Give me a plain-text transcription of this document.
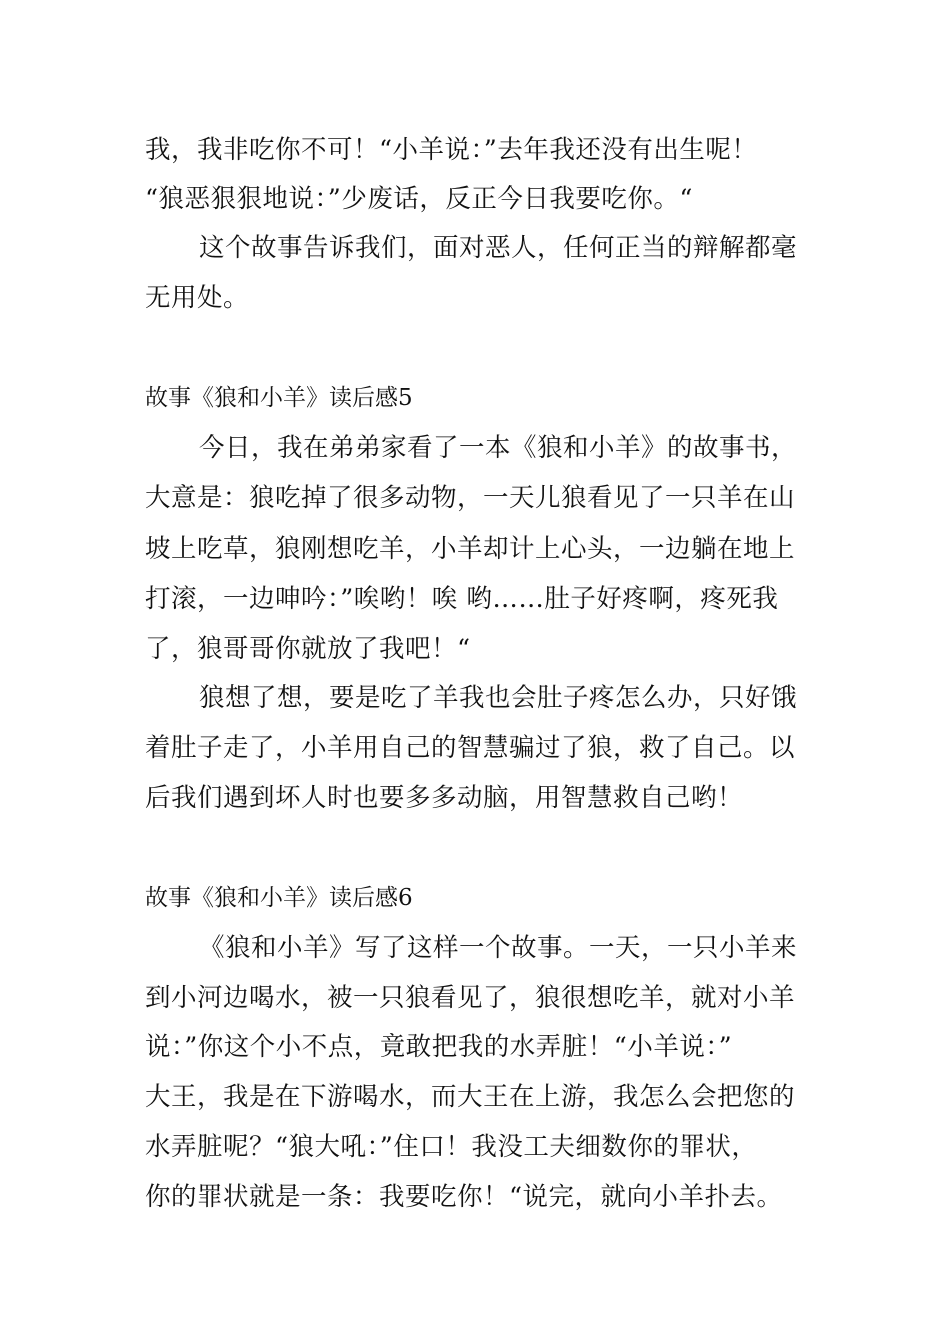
我，我非吃你不可！“小羊说：”去年我还没有出生呢！
“狼恶狠狠地说：”少废话，反正今日我要吃你。“
这个故事告诉我们，面对恶人，任何正当的辩解都毫
无用处。
故事《狼和小羊》读后感5
今日，我在弟弟家看了一本《狼和小羊》的故事书，
大意是：狼吃掉了很多动物，一天儿狼看见了一只羊在山
坡上吃草，狼刚想吃羊，小羊却计上心头，一边躺在地上
打滚，一边呻吟：”唉哟！唉 哟……肚子好疼啊，疼死我
了，狼哥哥你就放了我吧！“
狼想了想，要是吃了羊我也会肚子疼怎么办，只好饿
着肚子走了，小羊用自己的智慧骗过了狼，救了自己。以
后我们遇到坏人时也要多多动脑，用智慧救自己哟！
故事《狼和小羊》读后感6
《狼和小羊》写了这样一个故事。一天，一只小羊来
到小河边喝水，被一只狼看见了，狼很想吃羊，就对小羊
说：”你这个小不点，竟敢把我的水弄脏！“小羊说：”
大王，我是在下游喝水，而大王在上游，我怎么会把您的
水弄脏呢？“狼大吼：”住口！我没工夫细数你的罪状，
你的罪状就是一条：我要吃你！“说完，就向小羊扑去。
